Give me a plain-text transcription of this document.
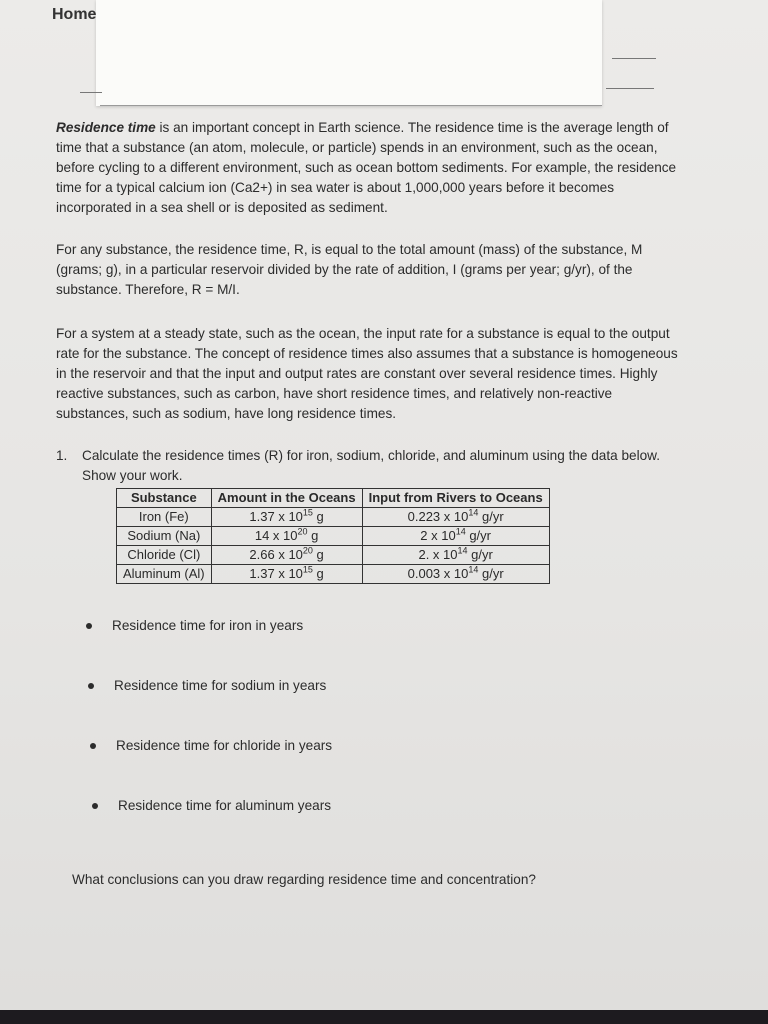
Home

Residence time is an important concept in Earth science. The residence time is the average length of time that a substance (an atom, molecule, or particle) spends in an environment, such as the ocean, before cycling to a different environment, such as ocean bottom sediments. For example, the residence time for a typical calcium ion (Ca2+) in sea water is about 1,000,000 years before it becomes incorporated in a sea shell or is deposited as sediment.

For any substance, the residence time, R, is equal to the total amount (mass) of the substance, M (grams; g), in a particular reservoir divided by the rate of addition, I (grams per year; g/yr), of the substance. Therefore, R = M/I.

For a system at a steady state, such as the ocean, the input rate for a substance is equal to the output rate for the substance. The concept of residence times also assumes that a substance is homogeneous in the reservoir and that the input and output rates are constant over several residence times. Highly reactive substances, such as carbon, have short residence times, and relatively non-reactive substances, such as sodium, have long residence times.

1.	Calculate the residence times (R) for iron, sodium, chloride, and aluminum using the data below. Show your work.
Substance	Amount in the Oceans	Input from Rivers to Oceans
Iron (Fe)	1.37 x $10^{15}$ g	0.223 x $10^{14}$ g/yr
Sodium (Na)	14 x $10^{20}$ g	2 x $10^{14}$ g/yr
Chloride (Cl)	2.66 x $10^{20}$ g	2. x $10^{14}$ g/yr
Aluminum (Al)	1.37 x $10^{15}$ g	0.003 x $10^{14}$ g/yr
Residence time for iron in years
Residence time for sodium in years
Residence time for chloride in years
Residence time for aluminum years
What conclusions can you draw regarding residence time and concentration?
